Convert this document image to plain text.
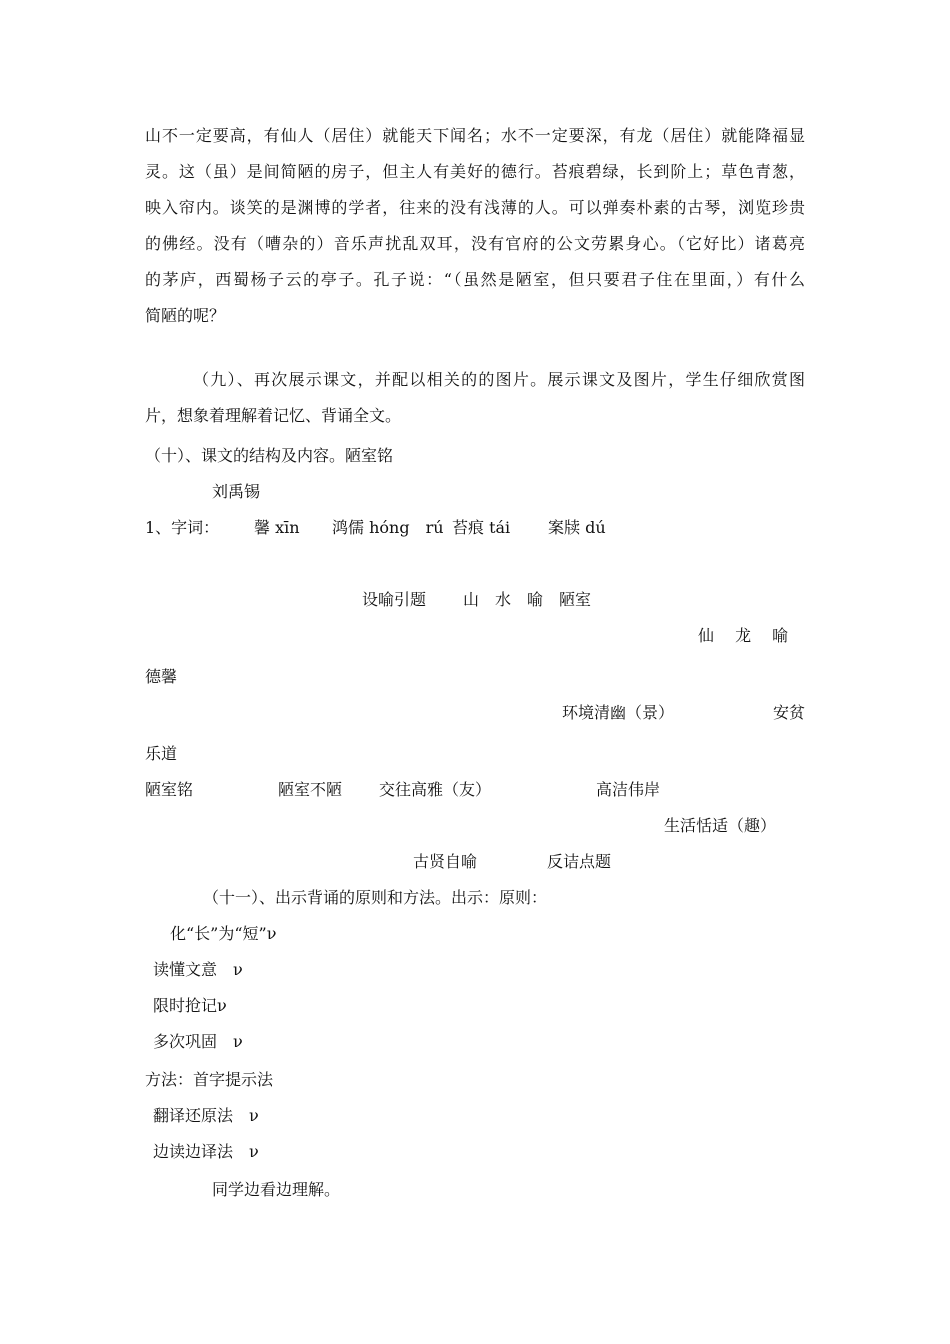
山不一定要高，有仙人（居住）就能天下闻名；水不一定要深，有龙（居住）就能降福显
灵。这（虽）是间简陋的房子，但主人有美好的德行。苔痕碧绿，长到阶上；草色青葱，
映入帘内。谈笑的是渊博的学者，往来的没有浅薄的人。可以弹奏朴素的古琴，浏览珍贵
的佛经。没有（嘈杂的）音乐声扰乱双耳，没有官府的公文劳累身心。（它好比）诸葛亮
的茅庐，西蜀杨子云的亭子。孔子说：“（虽然是陋室，但只要君子住在里面，）有什么
简陋的呢？
（九）、再次展示课文，并配以相关的的图片。展示课文及图片，学生仔细欣赏图
片，想象着理解着记忆、背诵全文。
（十）、课文的结构及内容。陋室铭
刘禹锡
1、字词： 馨 xīn 鸿儒 hóng　rú 苔痕 tái 案牍 dú
设喻引题 山　水　喻　陋室
仙　 龙　 喻
德馨
环境清幽（景）	安贫
乐道
陋室铭	陋室不陋 交往高雅（友）	高洁伟岸
生活恬适（趣）
古贤自喻	反诘点题
（十一）、出示背诵的原则和方法。出示：原则：
化“长”为“短”ν
读懂文意　ν
限时抢记ν
多次巩固　ν
方法：首字提示法
翻译还原法　ν
边读边译法　ν
同学边看边理解。
